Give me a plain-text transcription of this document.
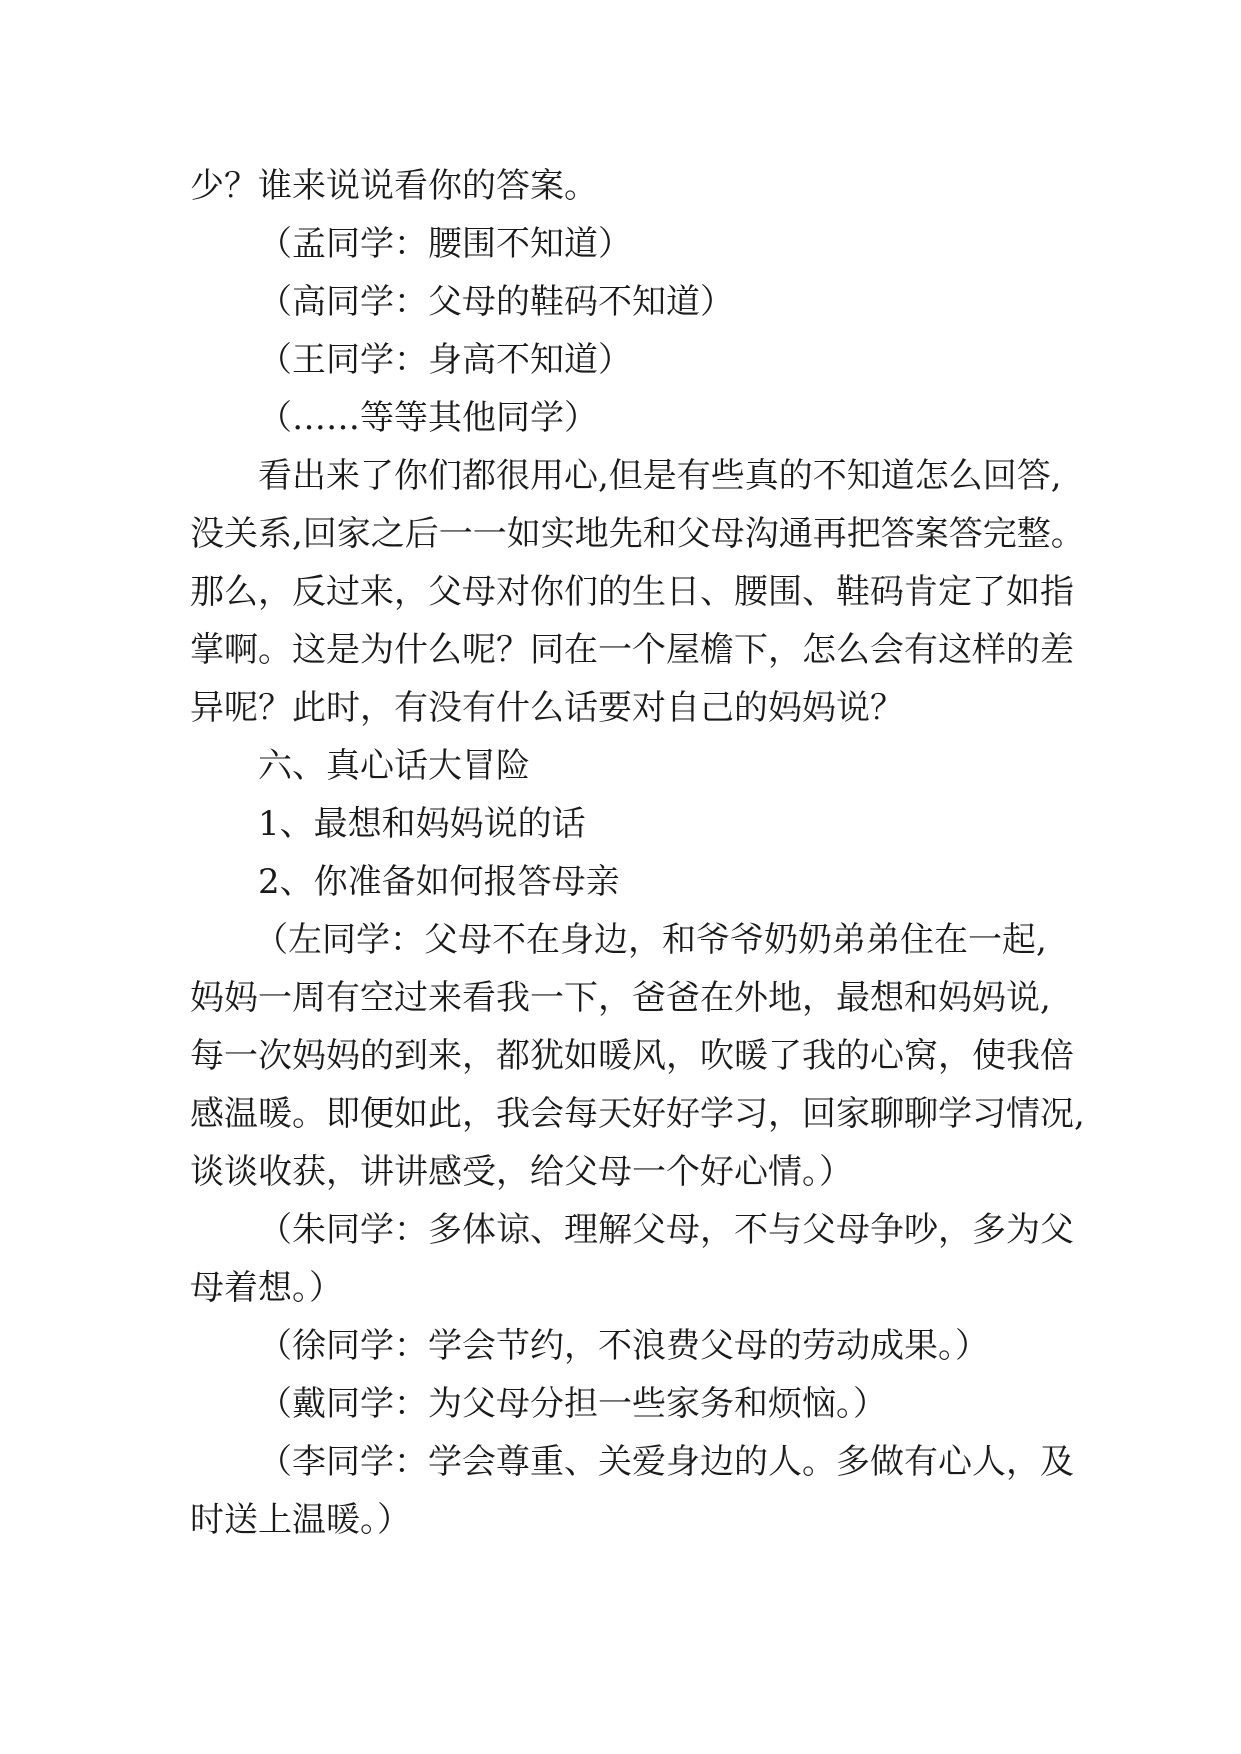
少？谁来说说看你的答案。
（孟同学：腰围不知道）
（高同学：父母的鞋码不知道）
（王同学：身高不知道）
（……等等其他同学）
看出来了你们都很用心,但是有些真的不知道怎么回答,
没关系,回家之后一一如实地先和父母沟通再把答案答完整。
那么，反过来，父母对你们的生日、腰围、鞋码肯定了如指
掌啊。这是为什么呢？同在一个屋檐下，怎么会有这样的差
异呢？此时，有没有什么话要对自己的妈妈说？
六、真心话大冒险
1、最想和妈妈说的话
2、你准备如何报答母亲
（左同学：父母不在身边，和爷爷奶奶弟弟住在一起,
妈妈一周有空过来看我一下，爸爸在外地，最想和妈妈说,
每一次妈妈的到来，都犹如暖风，吹暖了我的心窝，使我倍
感温暖。即便如此，我会每天好好学习，回家聊聊学习情况,
谈谈收获，讲讲感受，给父母一个好心情。）
（朱同学：多体谅、理解父母，不与父母争吵，多为父
母着想。）
（徐同学：学会节约，不浪费父母的劳动成果。）
（戴同学：为父母分担一些家务和烦恼。）
（李同学：学会尊重、关爱身边的人。多做有心人，及
时送上温暖。）
